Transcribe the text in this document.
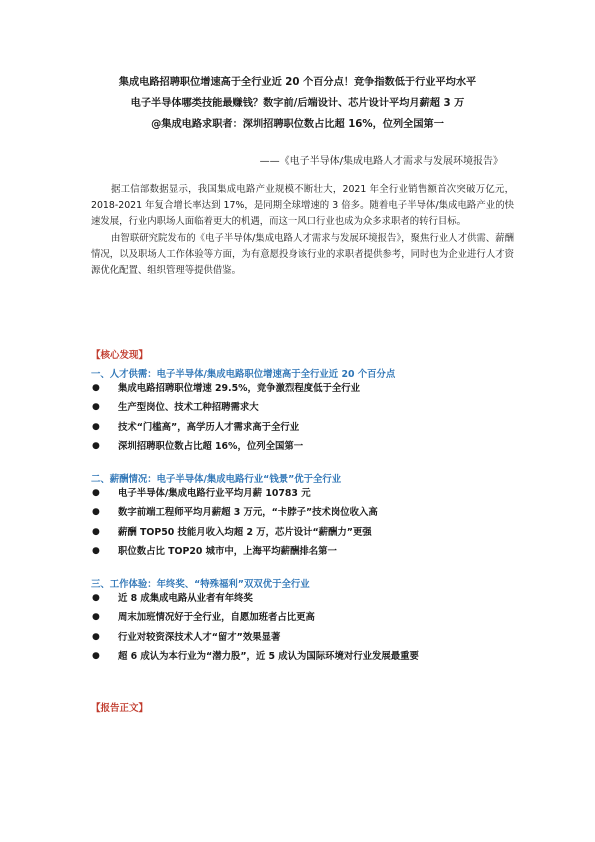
集成电路招聘职位增速高于全行业近 20 个百分点！竞争指数低于行业平均水平
电子半导体哪类技能最赚钱？数字前/后端设计、芯片设计平均月薪超 3 万
@集成电路求职者：深圳招聘职位数占比超 16%，位列全国第一
——《电子半导体/集成电路人才需求与发展环境报告》

据工信部数据显示，我国集成电路产业规模不断壮大，2021 年全行业销售额首次突破万亿元，2018-2021 年复合增长率达到 17%，是同期全球增速的 3 倍多。随着电子半导体/集成电路产业的快速发展，行业内职场人面临着更大的机遇，而这一风口行业也成为众多求职者的转行目标。

由智联研究院发布的《电子半导体/集成电路人才需求与发展环境报告》，聚焦行业人才供需、薪酬情况，以及职场人工作体验等方面，为有意愿投身该行业的求职者提供参考，同时也为企业进行人才资源优化配置、组织管理等提供借鉴。

【核心发现】
一、人才供需：电子半导体/集成电路职位增速高于全行业近 20 个百分点
● 集成电路招聘职位增速 29.5%，竞争激烈程度低于全行业
● 生产型岗位、技术工种招聘需求大
● 技术“门槛高”，高学历人才需求高于全行业
● 深圳招聘职位数占比超 16%，位列全国第一
二、薪酬情况：电子半导体/集成电路行业“钱景”优于全行业
● 电子半导体/集成电路行业平均月薪 10783 元
● 数字前端工程师平均月薪超 3 万元，“卡脖子”技术岗位收入高
● 薪酬 TOP50 技能月收入均超 2 万，芯片设计“薪酬力”更强
● 职位数占比 TOP20 城市中，上海平均薪酬排名第一
三、工作体验：年终奖、“特殊福利”双双优于全行业
● 近 8 成集成电路从业者有年终奖
● 周末加班情况好于全行业，自愿加班者占比更高
● 行业对较资深技术人才“留才”效果显著
● 超 6 成认为本行业为“潜力股”，近 5 成认为国际环境对行业发展最重要
【报告正文】
